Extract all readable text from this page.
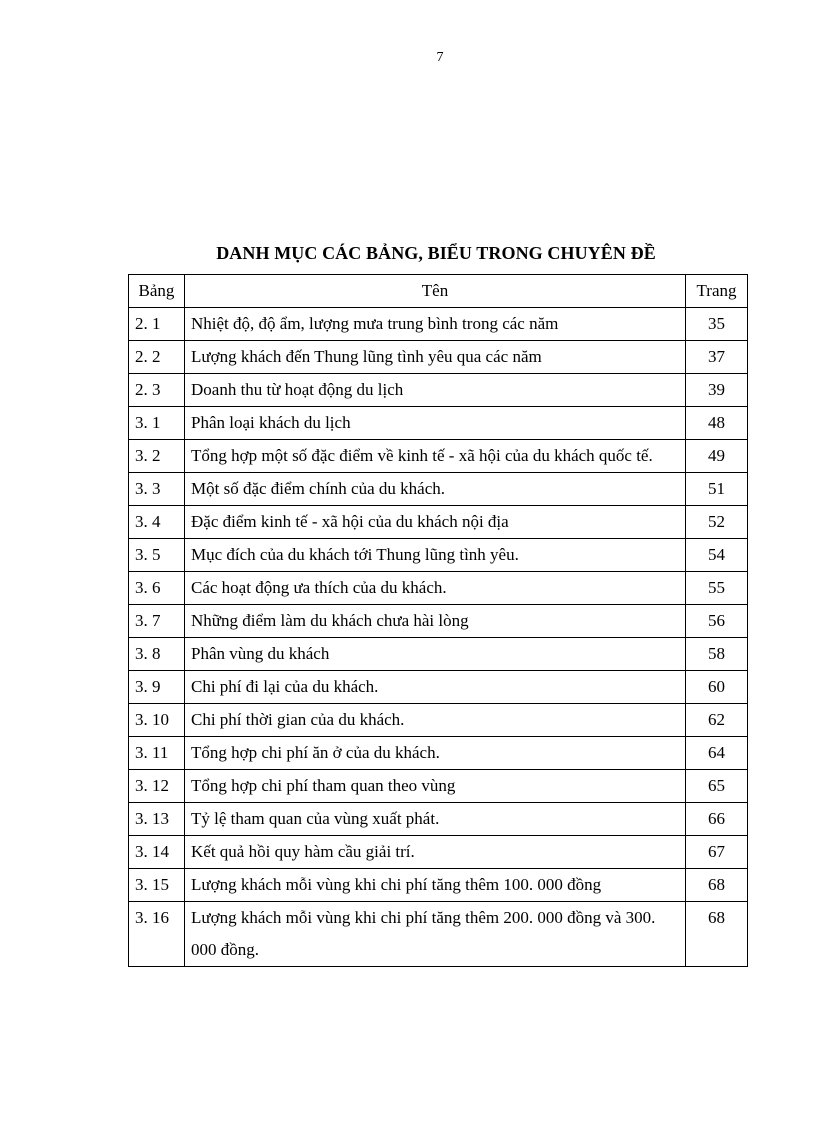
7
DANH MỤC CÁC BẢNG, BIỂU TRONG CHUYÊN ĐỀ
Bảng	Tên	Trang
2. 1	Nhiệt độ, độ ẩm, lượng mưa trung bình trong các năm	35
2. 2	Lượng khách đến Thung lũng tình yêu qua các năm	37
2. 3	Doanh thu từ hoạt động du lịch	39
3. 1	Phân loại khách du lịch	48
3. 2	Tổng hợp một số đặc điểm về kinh tế - xã hội của du khách quốc tế.	49
3. 3	Một số đặc điểm chính của du khách.	51
3. 4	Đặc điểm kinh tế - xã hội của du khách nội địa	52
3. 5	Mục đích của du khách tới Thung lũng tình yêu.	54
3. 6	Các hoạt động ưa thích của du khách.	55
3. 7	Những điểm làm du khách chưa hài lòng	56
3. 8	Phân vùng du khách	58
3. 9	Chi phí đi lại của du khách.	60
3. 10	Chi phí thời gian của du khách.	62
3. 11	Tổng hợp chi phí ăn ở của du khách.	64
3. 12	Tổng hợp chi phí tham quan theo vùng	65
3. 13	Tỷ lệ tham quan của vùng xuất phát.	66
3. 14	Kết quả hồi quy hàm cầu giải trí.	67
3. 15	Lượng khách mỗi vùng khi chi phí tăng thêm 100. 000 đồng	68
3. 16	Lượng khách mỗi vùng khi chi phí tăng thêm 200. 000 đồng và 300. 000 đồng.	68
